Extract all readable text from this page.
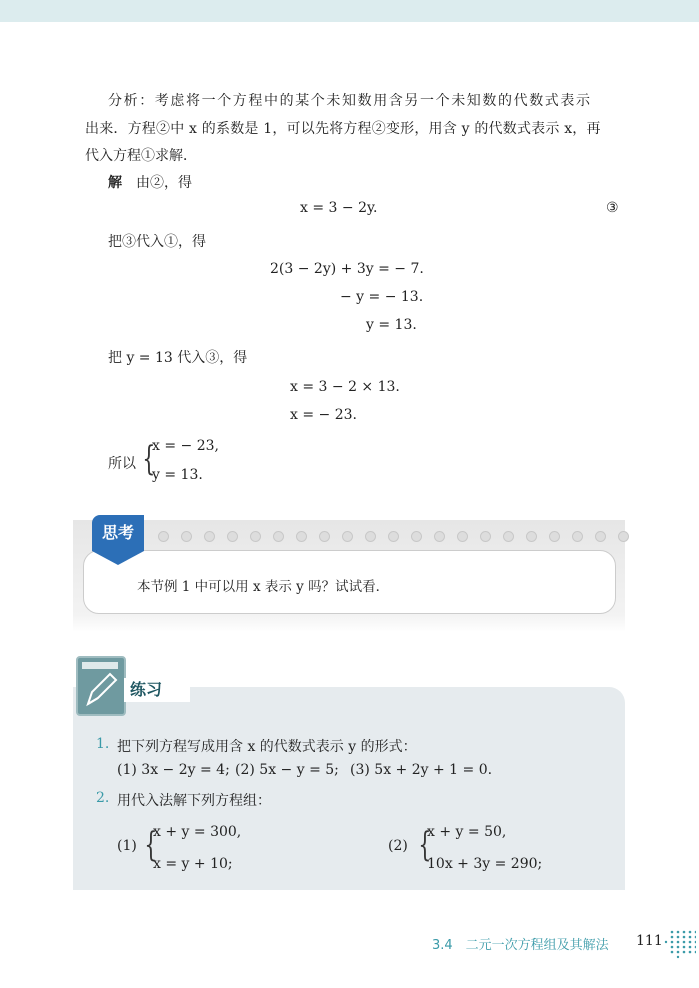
分析：考虑将一个方程中的某个未知数用含另一个未知数的代数式表示
出来．方程②中 x 的系数是 1，可以先将方程②变形，用含 y 的代数式表示 x，再
代入方程①求解．
解 由②，得
x = 3 − 2y.	③
把③代入①，得
2(3 − 2y) + 3y = − 7.
− y = − 13.
y = 13.
把 y = 13 代入③，得
x = 3 − 2 × 13.
x = − 23.
所以 {
x = − 23,
y = 13.
思考
本节例 1 中可以用 x 表示 y 吗？试试看．
练习
1. 把下列方程写成用含 x 的代数式表示 y 的形式：
(1) 3x − 2y = 4; (2) 5x − y = 5; (3) 5x + 2y + 1 = 0.
2. 用代入法解下列方程组：
(1) {
x + y = 300,
x = y + 10;
(2) {
x + y = 50,
10x + 3y = 290;
3.4　二元一次方程组及其解法 111
